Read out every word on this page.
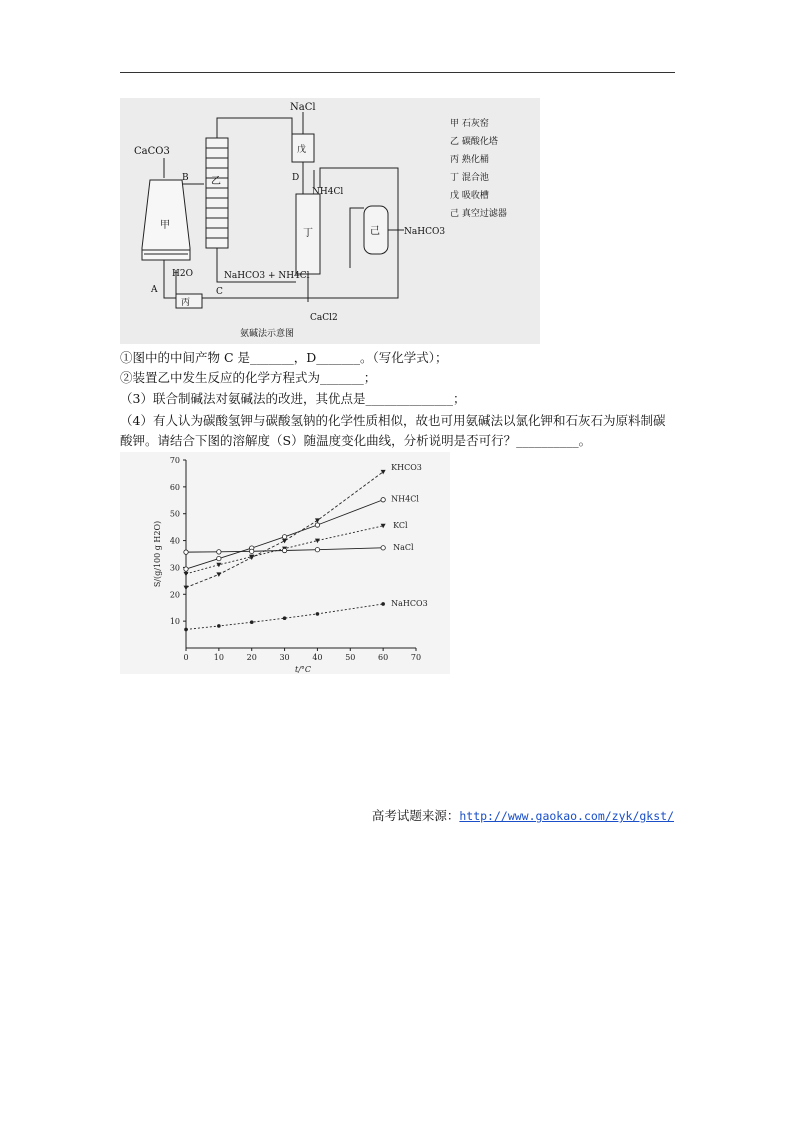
CaCO3
NaCl
NH4Cl
NaHCO3
NaHCO3 + NH4Cl
H2O
CaCl2
A
B
C
D
甲
乙
丙
丁
戊
己
甲 石灰窑
乙 碳酸化塔
丙 熟化桶
丁 混合池
戊 吸收槽
己 真空过滤器
氨碱法示意图
①图中的中间产物 C 是_______，D_______。（写化学式）；
②装置乙中发生反应的化学方程式为_______；
（3）联合制碱法对氨碱法的改进，其优点是______________；
（4）有人认为碳酸氢钾与碳酸氢钠的化学性质相似，故也可用氨碱法以氯化钾和石灰石为原料制碳酸钾。请结合下图的溶解度（S）随温度变化曲线，分析说明是否可行？__________。
10
20
30
40
50
60
70
0	10	20	30	40	50	60	70
t/°C
S/(g/100 g H2O)
KHCO3
NH4Cl
KCl
NaCl
NaHCO3
高考试题来源：http://www.gaokao.com/zyk/gkst/
